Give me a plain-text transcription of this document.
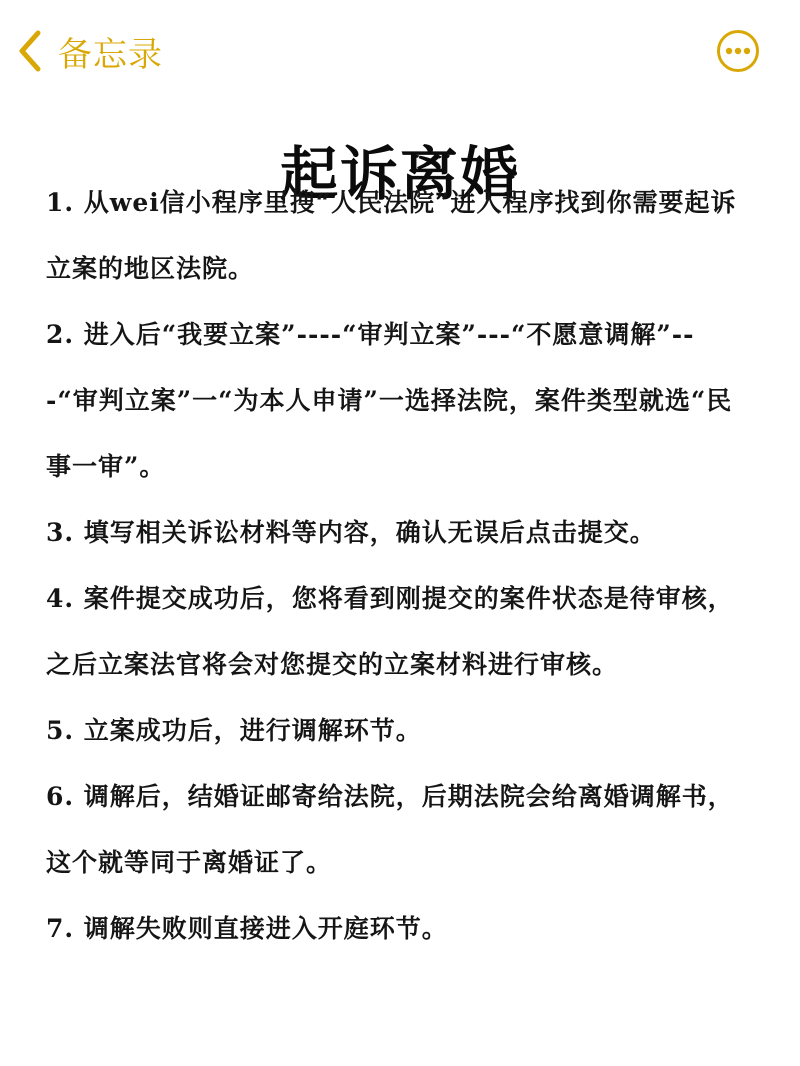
备忘录
起诉离婚

1. 从wei信小程序里搜“人民法院”进入程序找到你需要起诉立案的地区法院。

2. 进入后“我要立案”----“审判立案”---“不愿意调解”---“审判立案”一“为本人申请”一选择法院，案件类型就选“民事一审”。

3. 填写相关诉讼材料等内容，确认无误后点击提交。

4. 案件提交成功后，您将看到刚提交的案件状态是待审核，之后立案法官将会对您提交的立案材料进行审核。

5. 立案成功后，进行调解环节。

6. 调解后，结婚证邮寄给法院，后期法院会给离婚调解书，这个就等同于离婚证了。

7. 调解失败则直接进入开庭环节。
